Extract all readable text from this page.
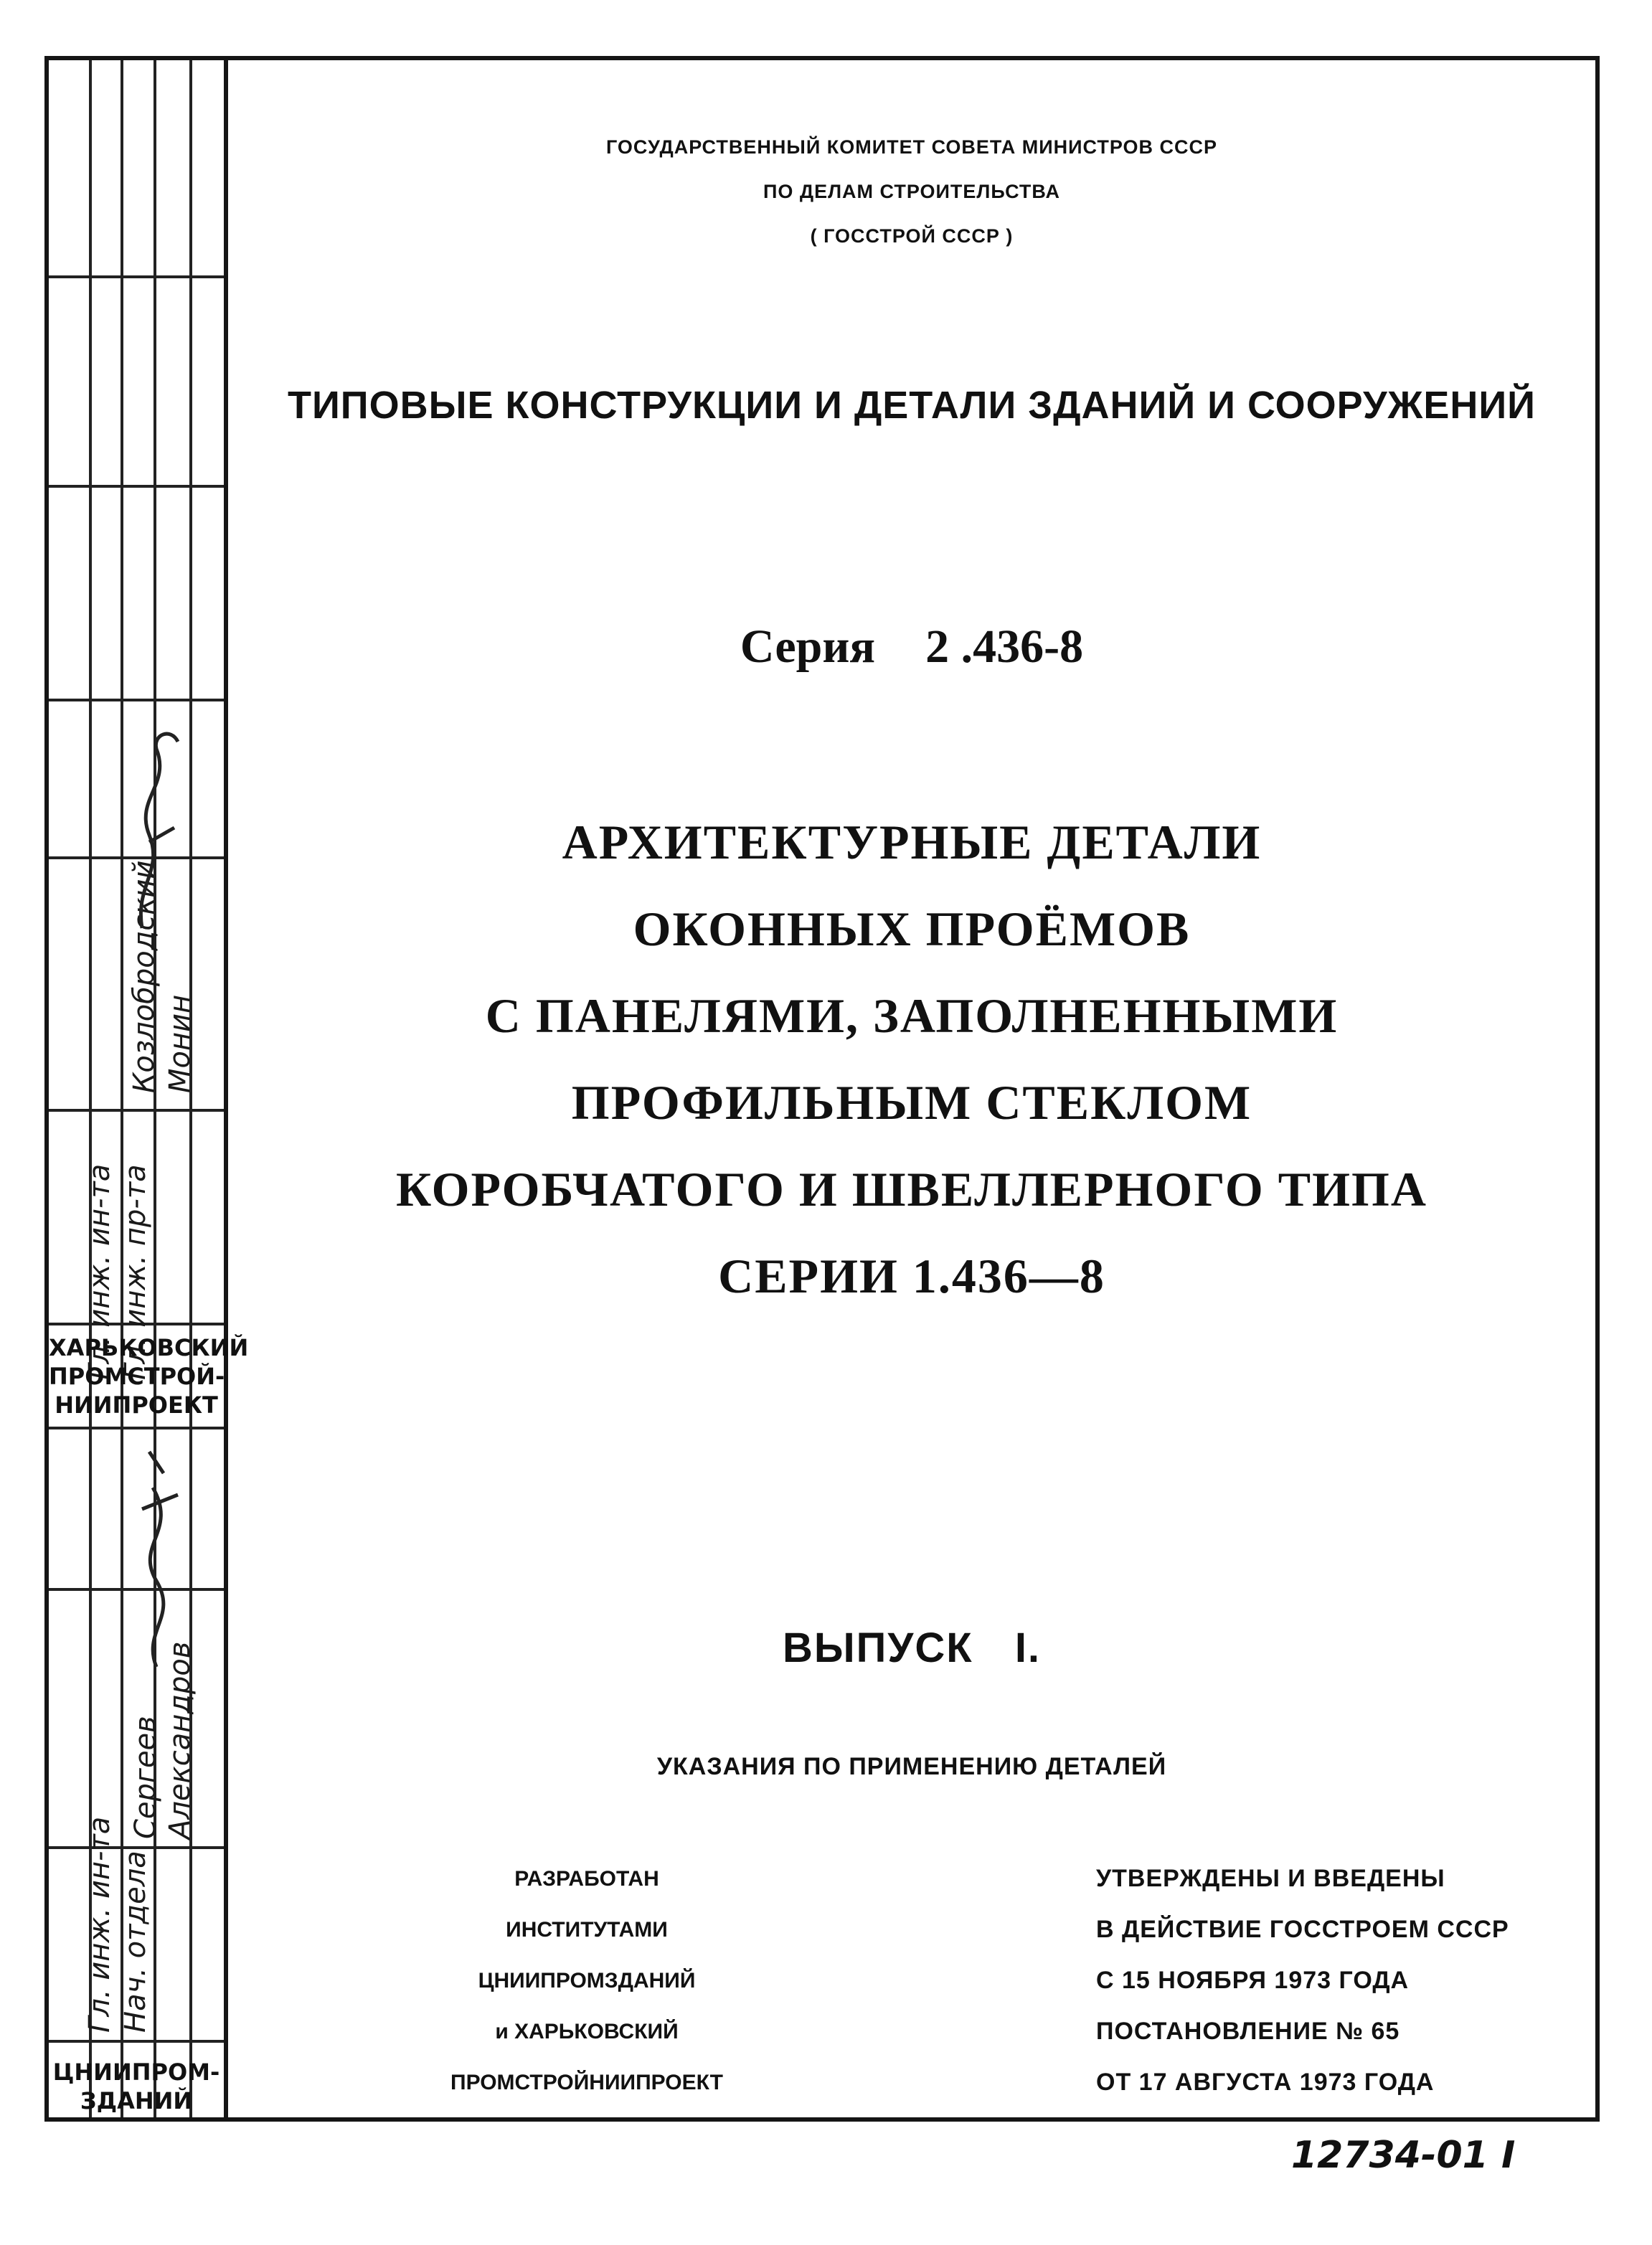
Гл. инж. ин-та Гл. инж. пр-та
Козлобродский Монин
ХАРЬКОВСКИЙ
ПРОМСТРОЙ-
НИИПРОЕКТ
Гл. инж. ин-та Нач. отдела
Сергеев Александров
ЦНИИПРОМ-
ЗДАНИЙ
ГОСУДАРСТВЕННЫЙ КОМИТЕТ СОВЕТА МИНИСТРОВ СССР
ПО ДЕЛАМ СТРОИТЕЛЬСТВА
( ГОССТРОЙ СССР )
ТИПОВЫЕ КОНСТРУКЦИИ И ДЕТАЛИ ЗДАНИЙ И СООРУЖЕНИЙ
Серия 2 .436-8
АРХИТЕКТУРНЫЕ ДЕТАЛИ
ОКОННЫХ ПРОЁМОВ
С ПАНЕЛЯМИ, ЗАПОЛНЕННЫМИ
ПРОФИЛЬНЫМ СТЕКЛОМ
КОРОБЧАТОГО И ШВЕЛЛЕРНОГО ТИПА
СЕРИИ 1.436—8
ВЫПУСК I.
УКАЗАНИЯ ПО ПРИМЕНЕНИЮ ДЕТАЛЕЙ
РАЗРАБОТАН
ИНСТИТУТАМИ
ЦНИИПРОМЗДАНИЙ
и ХАРЬКОВСКИЙ
ПРОМСТРОЙНИИПРОЕКТ
УТВЕРЖДЕНЫ И ВВЕДЕНЫ
В ДЕЙСТВИЕ ГОССТРОЕМ СССР
С 15 НОЯБРЯ 1973 ГОДА
ПОСТАНОВЛЕНИЕ № 65
ОТ 17 АВГУСТА 1973 ГОДА
12734-01 I
